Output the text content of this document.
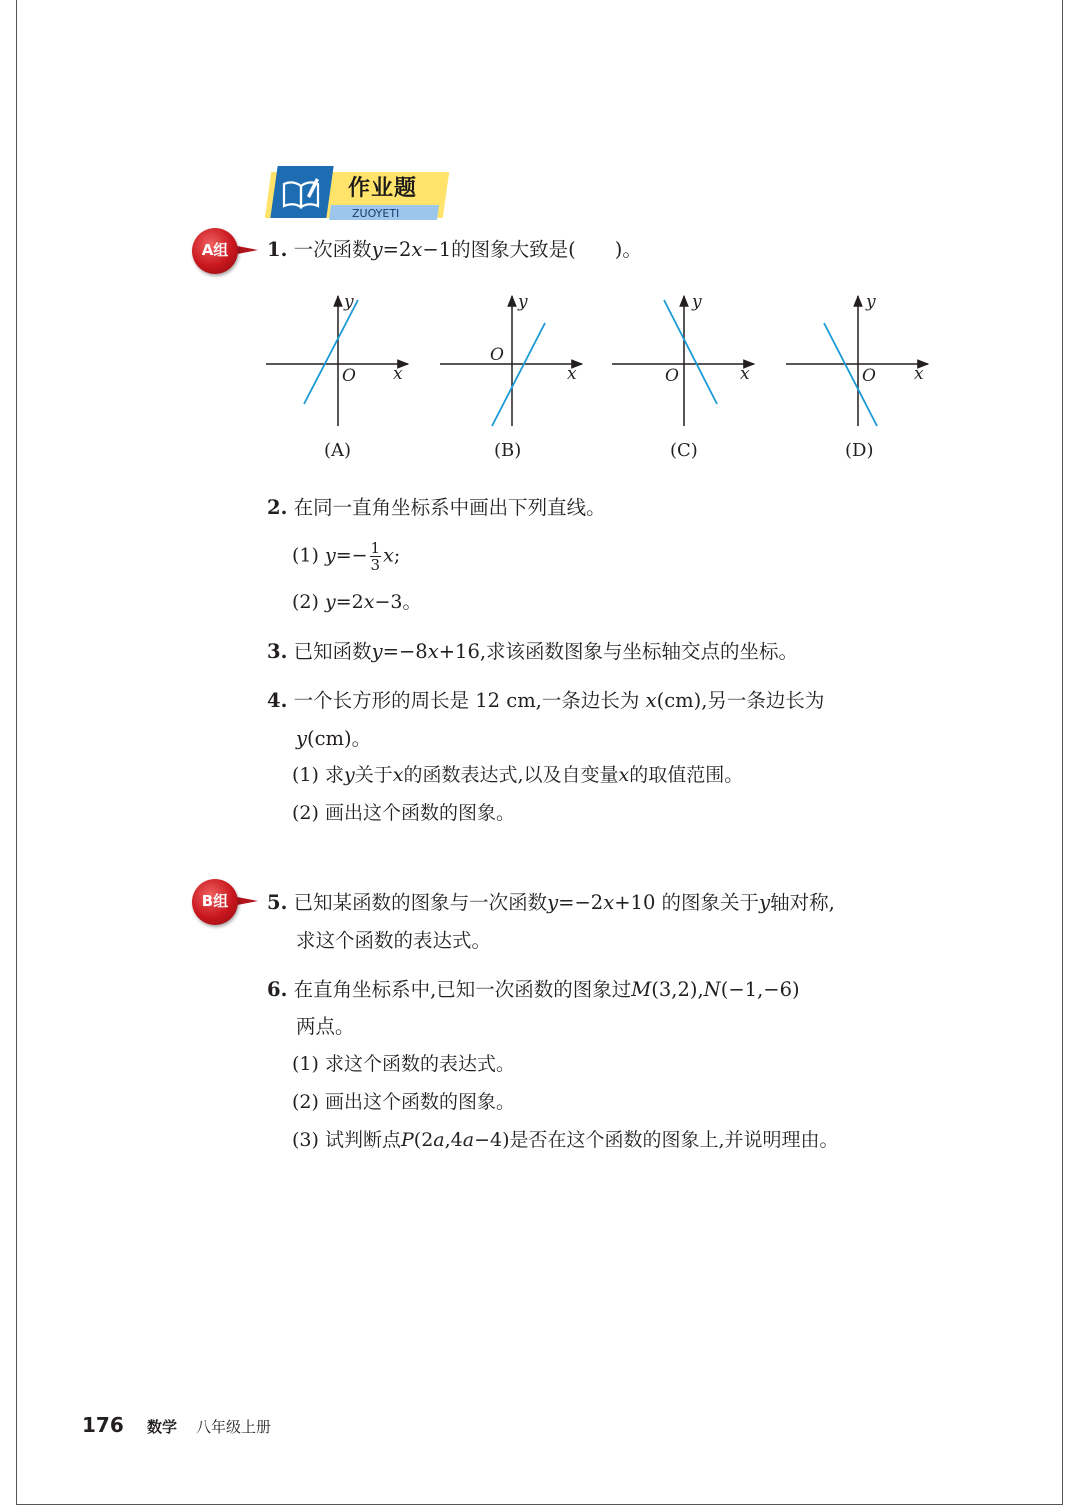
作业题
ZUOYETI
A组	1. 一次函数y=2x−1的图象大致是(　　)。
y
x
O
(A)
y
x
O
(B)
y
x
O
(C)
y
x
O
(D)
2. 在同一直角坐标系中画出下列直线。
(1) $y=- \frac{1}{3} x$;
(2) y=2x−3。
3. 已知函数y=−8x+16,求该函数图象与坐标轴交点的坐标。
4. 一个长方形的周长是 12 cm,一条边长为 x(cm),另一条边长为
y(cm)。
(1) 求y关于x的函数表达式,以及自变量x的取值范围。
(2) 画出这个函数的图象。
B组	5. 已知某函数的图象与一次函数y=−2x+10 的图象关于y轴对称,
求这个函数的表达式。
6. 在直角坐标系中,已知一次函数的图象过M(3,2),N(−1,−6)
两点。
(1) 求这个函数的表达式。
(2) 画出这个函数的图象。
(3) 试判断点P(2a,4a−4)是否在这个函数的图象上,并说明理由。
176 数学 八年级上册
